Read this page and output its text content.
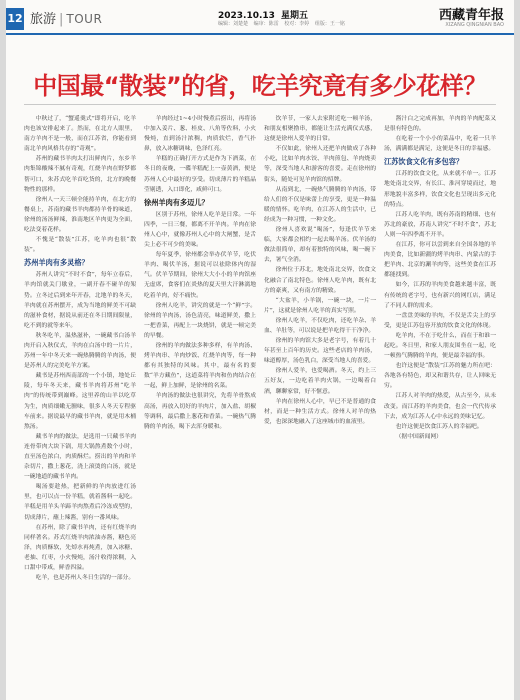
12 旅游 | TOUR	2023.10.13 星期五
编辑：刘楚楚 编审：陈雷 校对：李婷 组版：王一铭
西藏青年报
XIZANG QINGNIAN BAO
中国最“散装”的省，吃羊究竟有多少花样？

中秋过了，“蟹遥羹式”即将开启，吃羊肉也该安排起来了。然而，在北方人眼里，南方羊肉不是一般，而在江苏省，你能看到南北羊肉风格共存的“奇观”。

苏州的藏书羊肉太打出鲜肉片，东乡羊肉集锦酸辣不腻有奇观，红烧羊肉在野梦都帮可口，朱苏式吃羊首吃货的，北方的晚餐物性的那样。

徐州人一天三顿全能持羊肉，在北方的餐桌上，苏南的藏书羊肉都持羊骨的味道，徐州的汤汤鲜辣，淮南地区羊肉更为全面，吃法变着花样。

不愧是“散装”江苏，吃羊肉也很“散装”。

苏州羊肉有多灵格？

苏州人讲究“不时不食”，每年立春后，羊肉馆就关门歇业，一副开春不碰羊的架势。立冬过后到来年开春，北地羊的冬天，羊肉就在苏州摆开，成为当地的鲜美不可缺的滋补食材，据说从前还在冬日期间限量，吃不到的就等来年。

秋冬吃羊，温热滋补，一碗藏书白汤羊肉开启入秋仪式，羊肉在白汤中的一片片，苏州一年中冬天来一碗热腾腾的羊肉汤，便是苏州人的完美吃羊方案。

藏书是苏州西南部的一个小镇，地处丘陵，每年冬天来，藏书羊肉将苏州“吃羊肉”的传统带到巅峰。这里养的山羊以吃草为生，肉质细嫩无膻味，很多人冬天专程驱车前来。据说最早的藏书羊肉，就是用木桶熬汤。

藏书羊肉的做法，是选用一只藏书羊肉连骨带肉大块下锅，用大锅熬煮数个小时，直至汤色浓白，肉质酥烂。捞出的羊肉和羊杂切片，撒上葱花，浇上滚烫的白汤，就是一碗地道的藏书羊肉。

喝汤要趁热，把新鲜的羊肉放进红汤里，也可以点一份羊糕，就着酱料一起吃。羊糕是用羊头羊蹄羊肉熬煮后冷冻成型的，切成薄片，蘸上辣酱，别有一番风味。

在苏州，除了藏书羊肉，还有红烧羊肉同样著名。苏式红烧羊肉浓油赤酱，糖色亮泽，肉质酥软，先焯水再炖煮，加入冰糖、老抽、红枣，小火慢炖，汤汁收得浓稠，入口甜中带咸，鲜香四溢。

吃羊，也是苏州人冬日生活的一部分。

羊肉经过1~4小时慢煮后捞出，再将汤中加入姜片、葱、桂皮、八角等佐料，小火慢炖，直到汤汁浓稠，肉质软烂，香气扑鼻，放入冰糖调味，色泽红亮。

羊糕的正确打开方式是作为下酒菜，在冬日的夜晚，一碟羊糕配上一壶黄酒，便是苏州人心中最好的享受。切成薄片的羊糕晶莹剔透，入口即化，咸鲜可口。

徐州羊肉有多迈儿？

区别于苏州，徐州人吃羊是日常。一年四季，一日三餐，都离不开羊肉。羊肉在徐州人心中，就像苏州人心中的大闸蟹，是舌尖上必不可少的美味。

每年夏季，徐州都会举办伏羊节，吃伏羊肉、喝伏羊汤，据说可以祛除体内的湿气。伏羊节期间，徐州大大小小的羊肉馆座无虚席，食客们在炎热的夏天里大汗淋漓地吃着羊肉，好不痛快。

徐州人吃羊，讲究的就是一个“鲜”字。徐州的羊肉汤，汤色清亮，味道鲜美，撒上一把香菜，再配上一块烧饼，就是一顿完美的早餐。

徐州的羊肉做法多种多样，有羊肉汤、烤羊肉串、羊肉炒饭、红烧羊肉等，每一种都有其独特的风味。其中，最有名的要数“羊方藏鱼”，这道菜将羊肉和鱼肉结合在一起，鲜上加鲜，是徐州的名菜。

羊肉汤的做法也很讲究，先将羊骨熬成高汤，再放入切好的羊肉片，加入盐、胡椒等调料，最后撒上葱花和香菜。一碗热气腾腾的羊肉汤，喝下去浑身暖和。

饮羊节，一家人去家附近吃一顿羊汤，和朋友相聚撸串，都能让生活充满仪式感，这便是徐州人爱羊的日常。

不仅如此，徐州人还把羊肉做成了各种小吃，比如羊肉水饺、羊肉煎包、羊肉烧卖等，深受当地人和游客的喜爱。走在徐州的街头，随处可见羊肉馆的招牌。

从南到北，一碗热气腾腾的羊肉汤，带给人们的不仅是味蕾上的享受，更是一种温暖的情怀。吃羊肉，在江苏人的生活中，已经成为一种习惯，一种文化。

徐州人喜欢说“喝汤”，每逢伏羊节来临，大家都会相约一起去喝羊汤。伏羊汤的做法很简单，却有着独特的风味，喝一碗下去，暑气全消。

徐州位于苏北，地处南北交界，饮食文化融合了南北特色。徐州人吃羊肉，既有北方的豪爽，又有南方的精致。

“大盆羊，小羊锅，一碗一块，一片一片”，这就是徐州人吃羊的真实写照。

徐州人吃羊，不仅吃肉，还吃羊杂、羊血、羊肚等，可以说是把羊吃得干干净净。

徐州的羊肉馆大多是老字号，有着几十年甚至上百年的历史。这些老店的羊肉汤，味道醇厚，汤色乳白，深受当地人的喜爱。

徐州人爱羊，也爱喝酒。冬天，约上三五好友，一边吃着羊肉火锅，一边喝着白酒，聊聊家常，好不惬意。

羊肉在徐州人心中，早已不是普通的食材，而是一种生活方式。徐州人对羊的热爱，也深深地融入了这座城市的血液里。

酱汁白之完成再加，羊肉的羊肉配菜又是很有特色的。

在吃着一个小小的菜品中，吃着一只羊汤，满满都是满足，这便是冬日的幸福感。

江苏饮食文化有多包容？

江苏的饮食文化，从来就不单一。江苏地处南北交界，有长江、淮河穿境而过，地形地貌丰富多样，饮食文化也呈现出多元化的特点。

江苏人吃羊肉，既有苏南的精细、也有苏北的豪放，苏南人讲究“不时不食”，苏北人则一年四季离不开羊。

在江苏，你可以尝到来自全国各地的羊肉美食，比如新疆的烤羊肉串、内蒙古的手把羊肉、北京的涮羊肉等，这些美食在江苏都能找到。

如今，江苏的羊肉美食越来越丰富，既有传统的老字号，也有新兴的网红店，满足了不同人群的需求。

一盘盘美味的羊肉，不仅是舌尖上的享受，更是江苏包容开放的饮食文化的体现。

吃羊肉，不在于吃什么，而在于和谁一起吃。冬日里，和家人朋友围坐在一起，吃一顿热气腾腾的羊肉，便是最幸福的事。

也许这便是“散装”江苏的魅力所在吧：各地各有特色，却又和谐共存，让人回味无穷。

江苏人对羊肉的热爱，从古至今，从未改变。而江苏的羊肉美食，也会一代代传承下去，成为江苏人心中永远的美味记忆。

也许这便是饮食江苏人的幸福吧。

（据中国新闻网）
